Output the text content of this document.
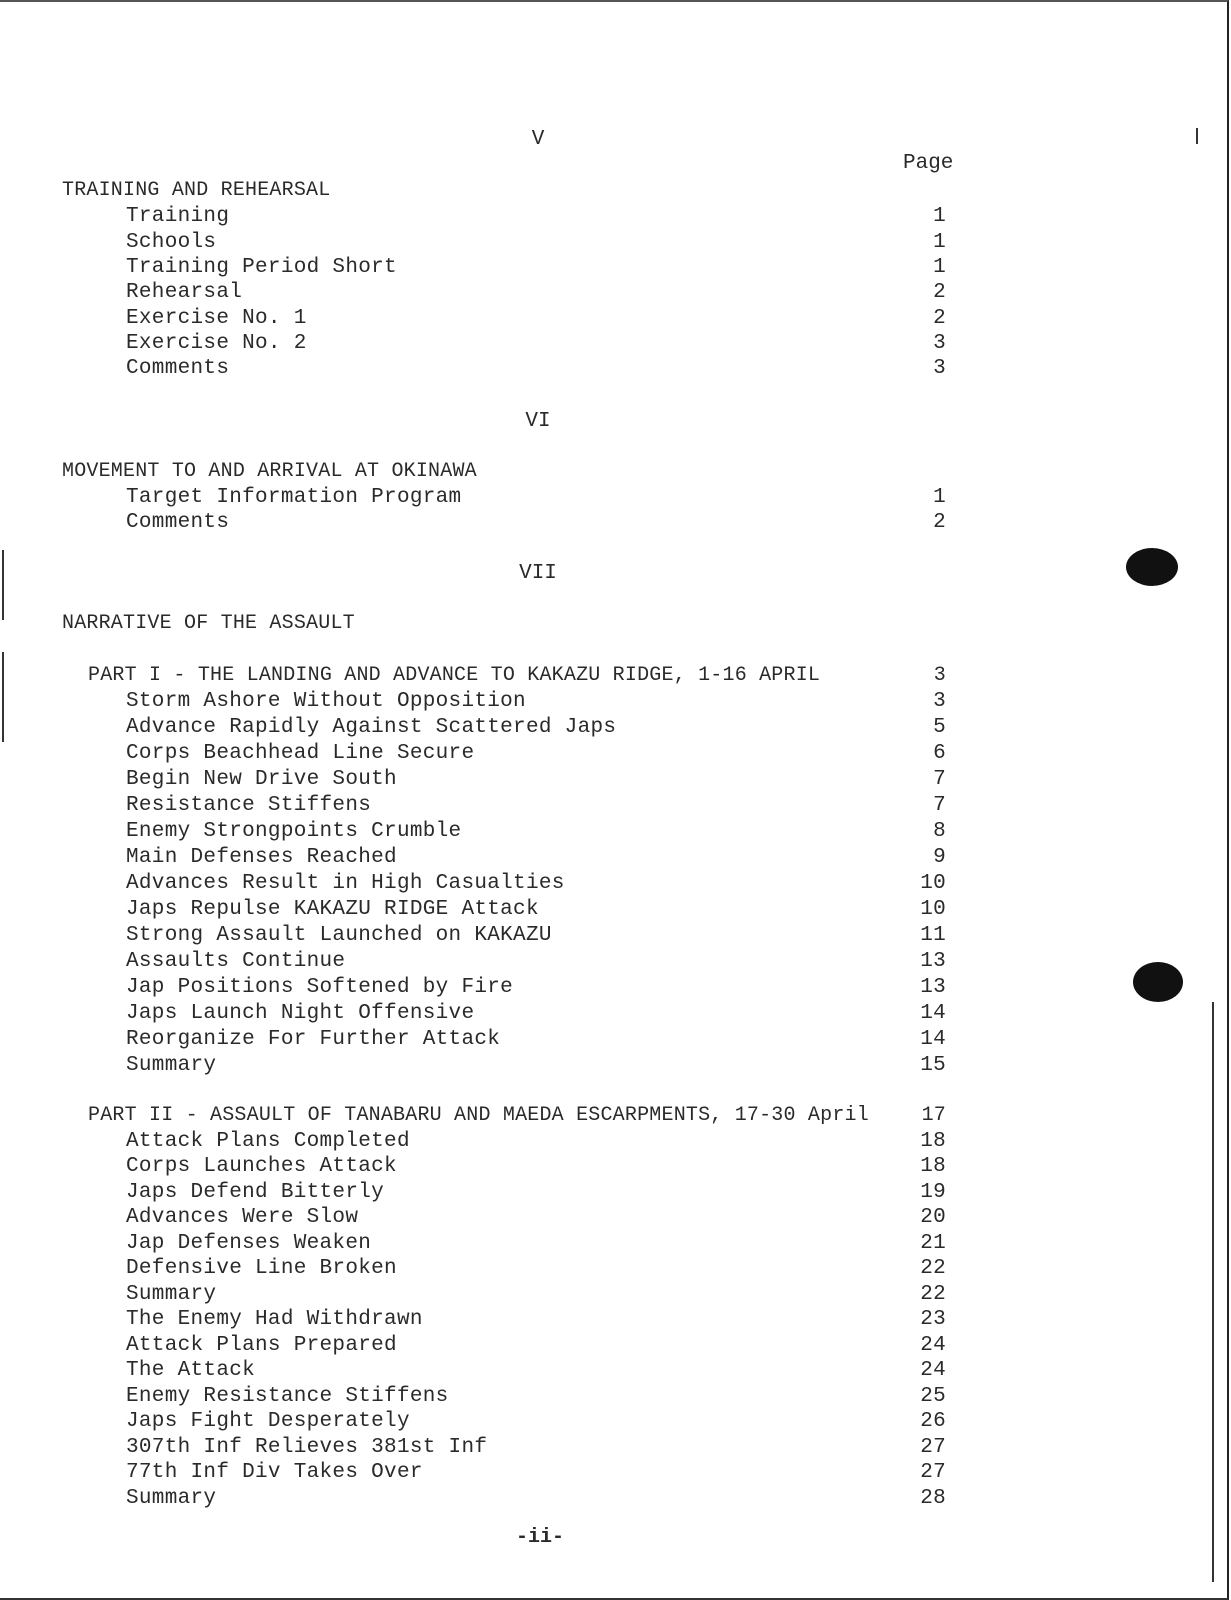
V
Page
TRAINING AND REHEARSAL
Training	1
Schools	1
Training Period Short	1
Rehearsal	2
Exercise No. 1	2
Exercise No. 2	3
Comments	3
VI
MOVEMENT TO AND ARRIVAL AT OKINAWA
Target Information Program	1
Comments	2
VII
NARRATIVE OF THE ASSAULT
PART I - THE LANDING AND ADVANCE TO KAKAZU RIDGE, 1-16 APRIL	3
Storm Ashore Without Opposition	3
Advance Rapidly Against Scattered Japs	5
Corps Beachhead Line Secure	6
Begin New Drive South	7
Resistance Stiffens	7
Enemy Strongpoints Crumble	8
Main Defenses Reached	9
Advances Result in High Casualties	10
Japs Repulse KAKAZU RIDGE Attack	10
Strong Assault Launched on KAKAZU	11
Assaults Continue	13
Jap Positions Softened by Fire	13
Japs Launch Night Offensive	14
Reorganize For Further Attack	14
Summary	15
PART II - ASSAULT OF TANABARU AND MAEDA ESCARPMENTS, 17-30 April	17
Attack Plans Completed	18
Corps Launches Attack	18
Japs Defend Bitterly	19
Advances Were Slow	20
Jap Defenses Weaken	21
Defensive Line Broken	22
Summary	22
The Enemy Had Withdrawn	23
Attack Plans Prepared	24
The Attack	24
Enemy Resistance Stiffens	25
Japs Fight Desperately	26
307th Inf Relieves 381st Inf	27
77th Inf Div Takes Over	27
Summary	28
-ii-
